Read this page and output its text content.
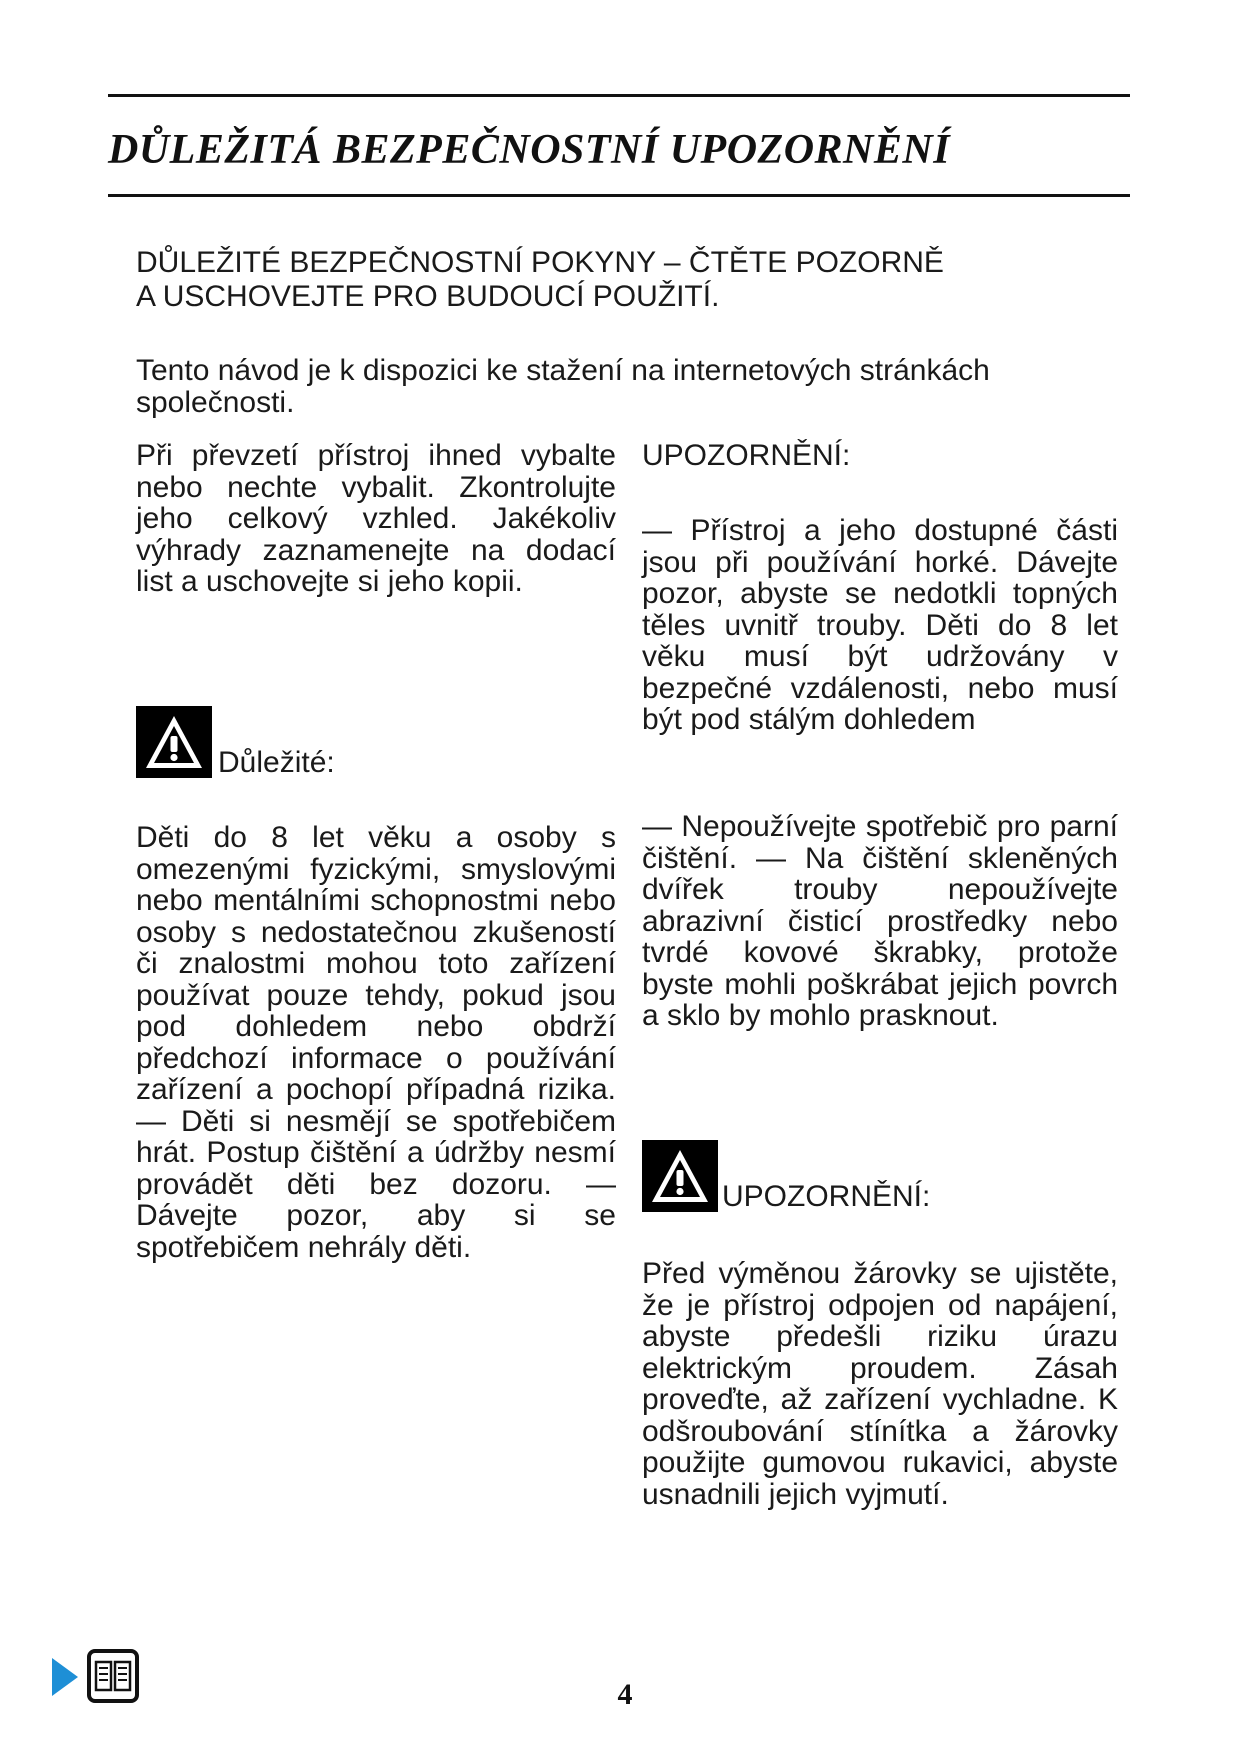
DŮLEŽITÁ BEZPEČNOSTNÍ UPOZORNĚNÍ
DŮLEŽITÉ BEZPEČNOSTNÍ POKYNY – ČTĚTE POZORNĚ
A USCHOVEJTE PRO BUDOUCÍ POUŽITÍ.

Tento návod je k dispozici ke stažení na internetových stránkách společnosti.

Při převzetí přístroj ihned vybalte nebo nechte vybalit. Zkontrolujte jeho celkový vzhled. Jakékoliv výhrady zaznamenejte na dodací list a uschovejte si jeho kopii.

Důležité:

Děti do 8 let věku a osoby s omezenými fyzickými, smyslovými nebo mentálními schopnostmi nebo osoby s nedostatečnou zkušeností či znalostmi mohou toto zařízení používat pouze tehdy, pokud jsou pod dohledem nebo obdrží předchozí informace o používání zařízení a pochopí případná rizika. — Děti si nesmějí se spotřebičem hrát. Postup čištění a údržby nesmí provádět děti bez dozoru. — Dávejte pozor, aby si se spotřebičem nehrály děti.

UPOZORNĚNÍ:

— Přístroj a jeho dostupné části jsou při používání horké. Dávejte pozor, abyste se nedotkli topných těles uvnitř trouby. Děti do 8 let věku musí být udržovány v bezpečné vzdálenosti, nebo musí být pod stálým dohledem

— Nepoužívejte spotřebič pro parní čištění. — Na čištění skleněných dvířek trouby nepoužívejte abrazivní čisticí prostředky nebo tvrdé kovové škrabky, protože byste mohli poškrábat jejich povrch a sklo by mohlo prasknout.

UPOZORNĚNÍ:

Před výměnou žárovky se ujistěte, že je přístroj odpojen od napájení, abyste předešli riziku úrazu elektrickým proudem. Zásah proveďte, až zařízení vychladne. K odšroubování stínítka a žárovky použijte gumovou rukavici, abyste usnadnili jejich vyjmutí.

4
